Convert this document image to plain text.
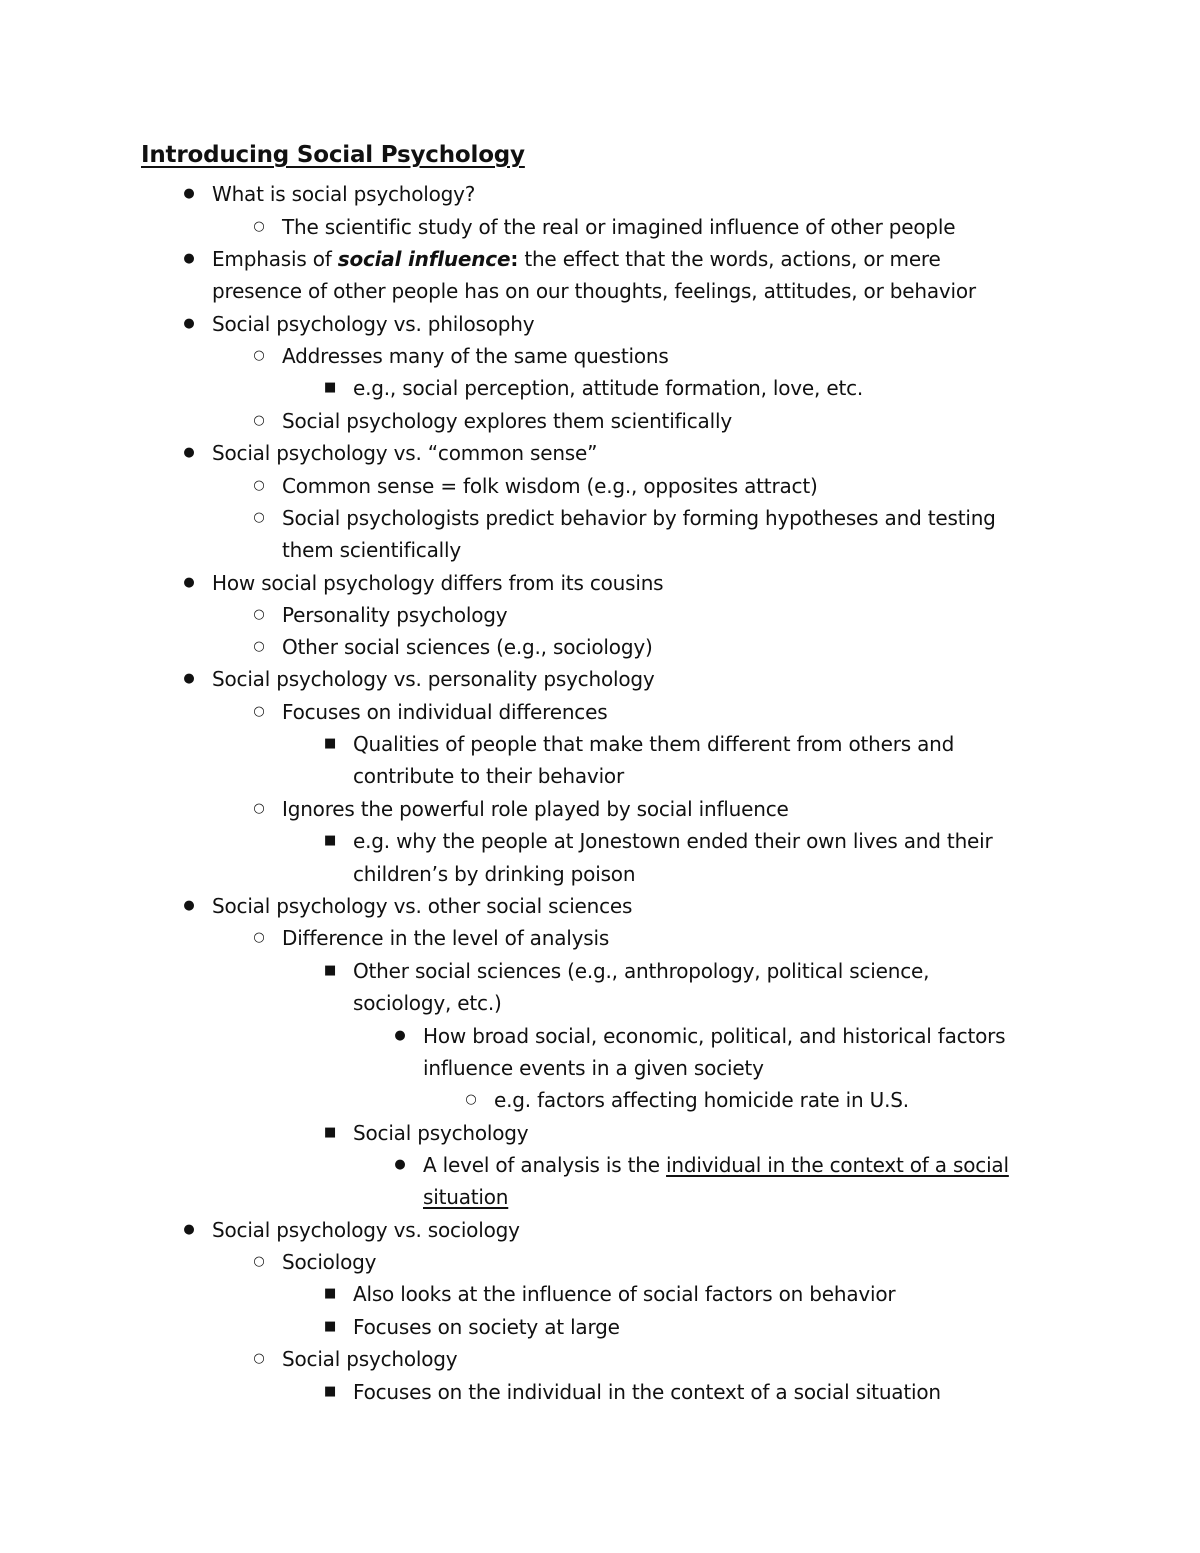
Introducing Social Psychology
● What is social psychology?
○ The scientific study of the real or imagined influence of other people
● Emphasis of social influence: the effect that the words, actions, or mere
presence of other people has on our thoughts, feelings, attitudes, or behavior
● Social psychology vs. philosophy
○ Addresses many of the same questions
■ e.g., social perception, attitude formation, love, etc.
○ Social psychology explores them scientifically
● Social psychology vs. “common sense”
○ Common sense = folk wisdom (e.g., opposites attract)
○ Social psychologists predict behavior by forming hypotheses and testing
them scientifically
● How social psychology differs from its cousins
○ Personality psychology
○ Other social sciences (e.g., sociology)
● Social psychology vs. personality psychology
○ Focuses on individual differences
■ Qualities of people that make them different from others and
contribute to their behavior
○ Ignores the powerful role played by social influence
■ e.g. why the people at Jonestown ended their own lives and their
children’s by drinking poison
● Social psychology vs. other social sciences
○ Difference in the level of analysis
■ Other social sciences (e.g., anthropology, political science,
sociology, etc.)
● How broad social, economic, political, and historical factors
influence events in a given society
○ e.g. factors affecting homicide rate in U.S.
■ Social psychology
● A level of analysis is the individual in the context of a social
situation
● Social psychology vs. sociology
○ Sociology
■ Also looks at the influence of social factors on behavior
■ Focuses on society at large
○ Social psychology
■ Focuses on the individual in the context of a social situation
